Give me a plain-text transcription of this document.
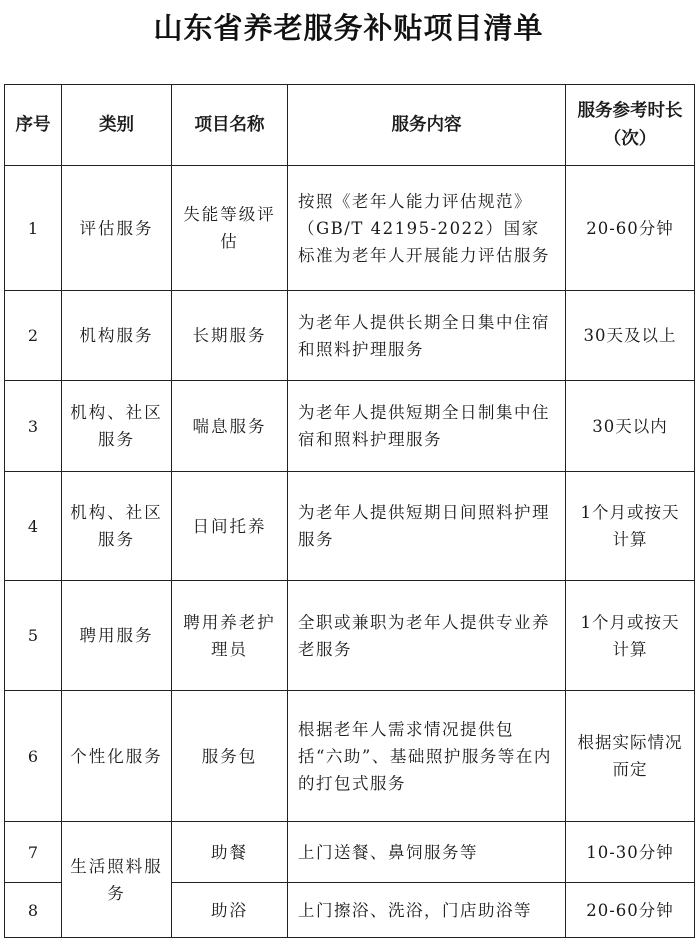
山东省养老服务补贴项目清单
序号	类别	项目名称	服务内容	服务参考时长（次）
1	评估服务	失能等级评估	按照《老年人能力评估规范》（GB/T 42195-2022）国家标准为老年人开展能力评估服务	20-60分钟
2	机构服务	长期服务	为老年人提供长期全日集中住宿和照料护理服务	30天及以上
3	机构、社区服务	喘息服务	为老年人提供短期全日制集中住宿和照料护理服务	30天以内
4	机构、社区服务	日间托养	为老年人提供短期日间照料护理服务	1个月或按天计算
5	聘用服务	聘用养老护理员	全职或兼职为老年人提供专业养老服务	1个月或按天计算
6	个性化服务	服务包	根据老年人需求情况提供包括“六助”、基础照护服务等在内的打包式服务	根据实际情况而定
7	生活照料服务	助餐	上门送餐、鼻饲服务等	10-30分钟
8		助浴	上门擦浴、洗浴，门店助浴等	20-60分钟
